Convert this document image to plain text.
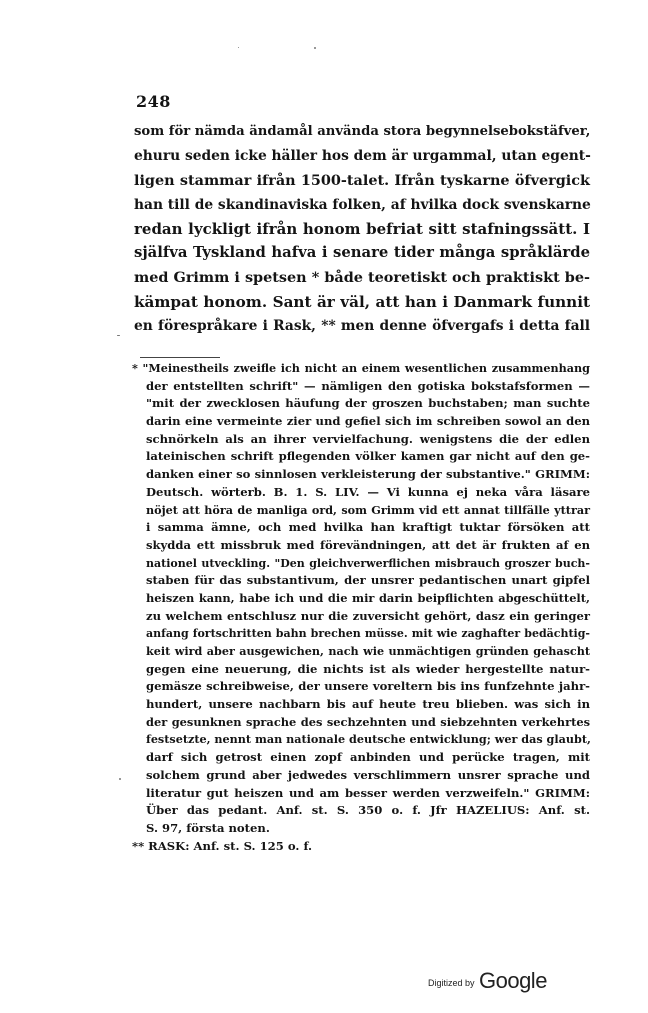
248
som för nämda ändamål använda stora begynnelsebokstäfver,
ehuru seden icke häller hos dem är urgammal, utan egent-
ligen stammar ifrån 1500-talet. Ifrån tyskarne öfvergick
han till de skandinaviska folken, af hvilka dock svenskarne
redan lyckligt ifrån honom befriat sitt stafningssätt. I
själfva Tyskland hafva i senare tider många språklärde
med Grimm i spetsen * både teoretiskt och praktiskt be-
kämpat honom. Sant är väl, att han i Danmark funnit
en förespråkare i Rask, ** men denne öfvergafs i detta fall
* "Meinestheils zweifle ich nicht an einem wesentlichen zusammenhang
der entstellten schrift" — nämligen den gotiska bokstafsformen —
"mit der zwecklosen häufung der groszen buchstaben; man suchte
darin eine vermeinte zier und gefiel sich im schreiben sowol an den
schnörkeln als an ihrer vervielfachung. wenigstens die der edlen
lateinischen schrift pflegenden völker kamen gar nicht auf den ge-
danken einer so sinnlosen verkleisterung der substantive." GRIMM:
Deutsch. wörterb. B. 1. S. LIV. — Vi kunna ej neka våra läsare
nöjet att höra de manliga ord, som Grimm vid ett annat tillfälle yttrar
i samma ämne, och med hvilka han kraftigt tuktar försöken att
skydda ett missbruk med förevändningen, att det är frukten af en
nationel utveckling. "Den gleichverwerflichen misbrauch groszer buch-
staben für das substantivum, der unsrer pedantischen unart gipfel
heiszen kann, habe ich und die mir darin beipflichten abgeschüttelt,
zu welchem entschlusz nur die zuversicht gehört, dasz ein geringer
anfang fortschritten bahn brechen müsse. mit wie zaghafter bedächtig-
keit wird aber ausgewichen, nach wie unmächtigen gründen gehascht
gegen eine neuerung, die nichts ist als wieder hergestellte natur-
gemäsze schreibweise, der unsere voreltern bis ins funfzehnte jahr-
hundert, unsere nachbarn bis auf heute treu blieben. was sich in
der gesunknen sprache des sechzehnten und siebzehnten verkehrtes
festsetzte, nennt man nationale deutsche entwicklung; wer das glaubt,
darf sich getrost einen zopf anbinden und perücke tragen, mit
solchem grund aber jedwedes verschlimmern unsrer sprache und
literatur gut heiszen und am besser werden verzweifeln." GRIMM:
Über das pedant. Anf. st. S. 350 o. f. Jfr HAZELIUS: Anf. st.
S. 97, första noten.
** RASK: Anf. st. S. 125 o. f.
Digitized by Google
